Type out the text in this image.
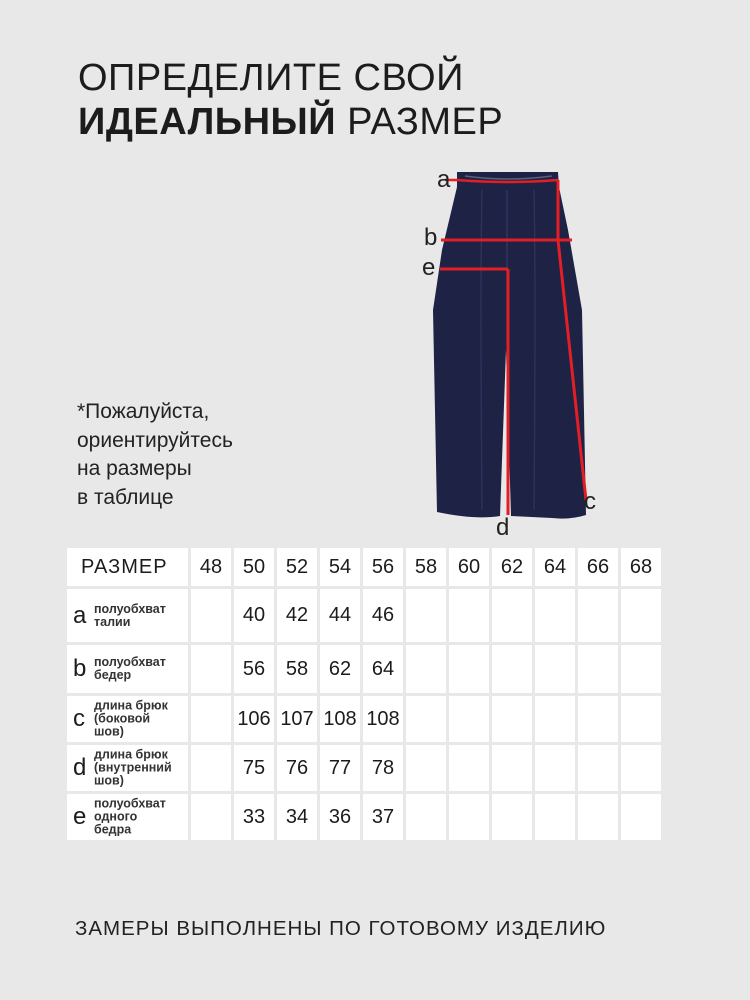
ОПРЕДЕЛИТЕ СВОЙ
ИДЕАЛЬНЫЙ РАЗМЕР
*Пожалуйста,
ориентируйтесь
на размеры
в таблице
a
b
e
c
d
РАЗМЕР	48	50	52	54	56	58	60	62	64	66	68

a полуобхват
талии		40	42	44	46						

b полуобхват
бедер		56	58	62	64						

c длина брюк
(боковой
шов)		106	107	108	108						

d длина брюк
(внутренний
шов)		75	76	77	78						

e полуобхват
одного
бедра		33	34	36	37						
ЗАМЕРЫ ВЫПОЛНЕНЫ ПО ГОТОВОМУ ИЗДЕЛИЮ
